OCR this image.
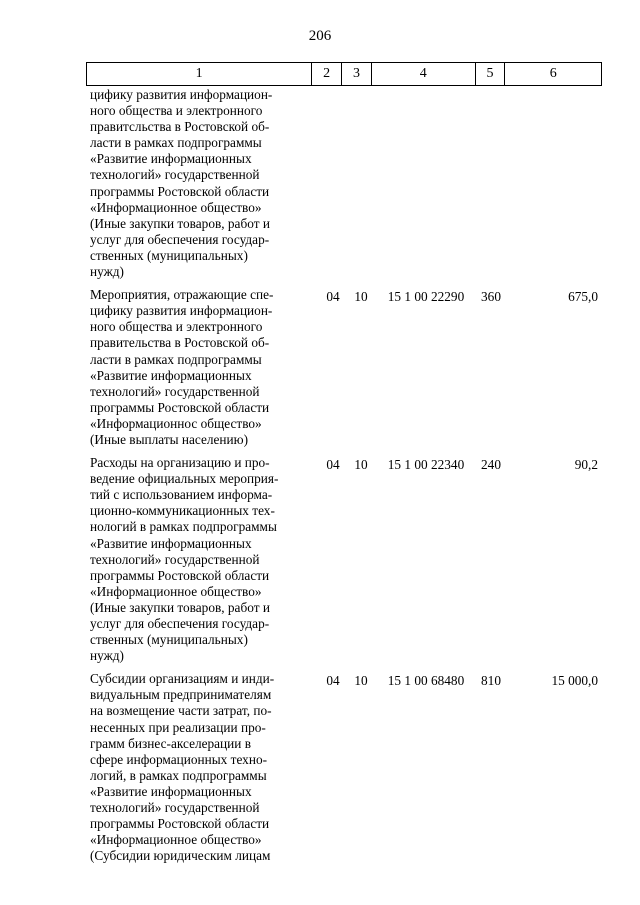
206
1	2	3	4	5	6
цифику развития информацион-
ного общества и электронного
правитсльства в Ростовской об-
ласти в рамках подпрограммы
«Развитие информационных
технологий» государственной
программы Ростовской области
«Информационное общество»
(Иные закупки товаров, работ и
услуг для обеспечения государ-
ственных (муниципальных)
нужд)
Мероприятия, отражающие спе-
цифику развития информацион-
ного общества и электронного
правительства в Ростовской об-
ласти в рамках подпрограммы
«Развитие информационных
технологий» государственной
программы Ростовской области
«Информационнос общество»
(Иные выплаты населению)
04	10	15 1 00 22290	360	675,0
Расходы на организацию и про-
ведение официальных мероприя-
тий с использованием информа-
ционно-коммуникационных тех-
нологий в рамках подпрограммы
«Развитие информационных
технологий» государственной
программы Ростовской области
«Информационное общество»
(Иные закупки товаров, работ и
услуг для обеспечения государ-
ственных (муниципальных)
нужд)
04	10	15 1 00 22340	240	90,2
Субсидии организациям и инди-
видуальным предпринимателям
на возмещение части затрат, по-
несенных при реализации про-
грамм бизнес-акселерации в
сфере информационных техно-
логий, в рамках подпрограммы
«Развитие информационных
технологий» государственной
программы Ростовской области
«Информационное общество»
(Субсидии юридическим лицам
04	10	15 1 00 68480	810	15 000,0
